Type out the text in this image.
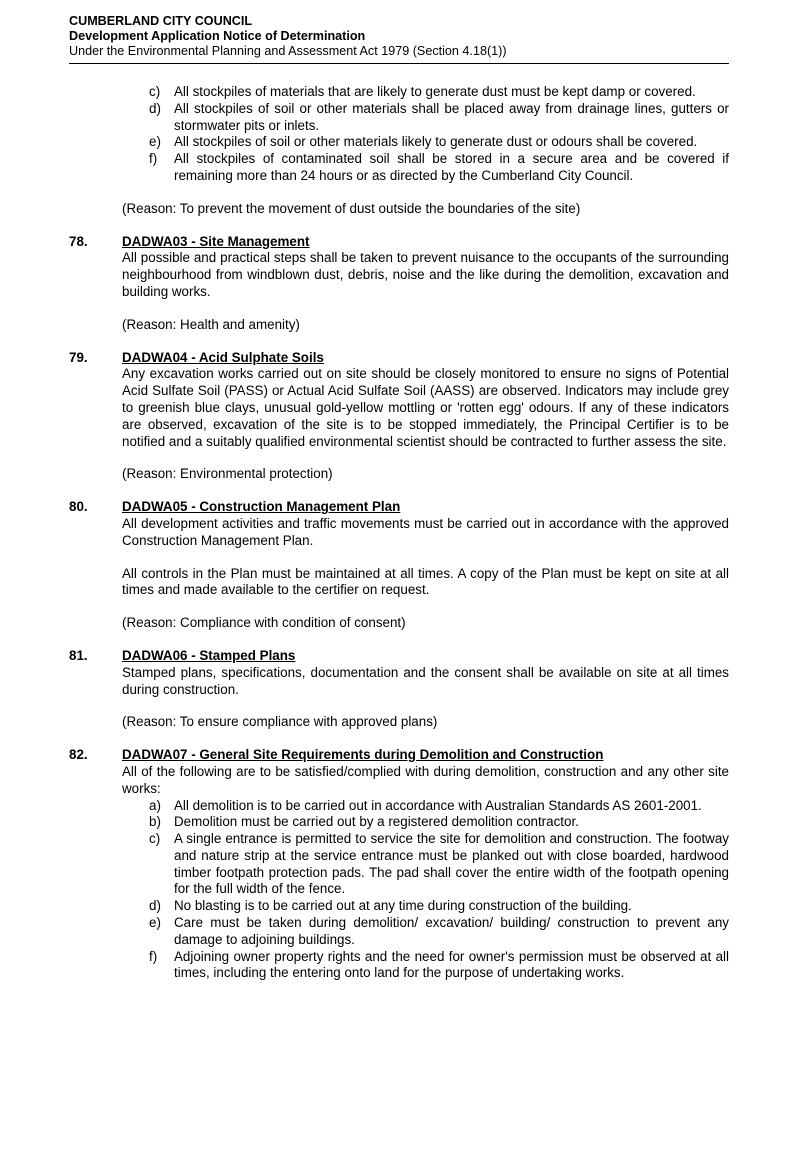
CUMBERLAND CITY COUNCIL
Development Application Notice of Determination
Under the Environmental Planning and Assessment Act 1979 (Section 4.18(1))
c) All stockpiles of materials that are likely to generate dust must be kept damp or covered.
d) All stockpiles of soil or other materials shall be placed away from drainage lines, gutters or stormwater pits or inlets.
e) All stockpiles of soil or other materials likely to generate dust or odours shall be covered.
f) All stockpiles of contaminated soil shall be stored in a secure area and be covered if remaining more than 24 hours or as directed by the Cumberland City Council.
(Reason: To prevent the movement of dust outside the boundaries of the site)
78.	DADWA03 - Site Management
All possible and practical steps shall be taken to prevent nuisance to the occupants of the surrounding neighbourhood from windblown dust, debris, noise and the like during the demolition, excavation and building works.
(Reason: Health and amenity)
79.	DADWA04 - Acid Sulphate Soils
Any excavation works carried out on site should be closely monitored to ensure no signs of Potential Acid Sulfate Soil (PASS) or Actual Acid Sulfate Soil (AASS) are observed. Indicators may include grey to greenish blue clays, unusual gold-yellow mottling or 'rotten egg' odours. If any of these indicators are observed, excavation of the site is to be stopped immediately, the Principal Certifier is to be notified and a suitably qualified environmental scientist should be contracted to further assess the site.
(Reason: Environmental protection)
80.	DADWA05 - Construction Management Plan
All development activities and traffic movements must be carried out in accordance with the approved Construction Management Plan.
All controls in the Plan must be maintained at all times. A copy of the Plan must be kept on site at all times and made available to the certifier on request.
(Reason: Compliance with condition of consent)
81.	DADWA06 - Stamped Plans
Stamped plans, specifications, documentation and the consent shall be available on site at all times during construction.
(Reason: To ensure compliance with approved plans)
82.	DADWA07 - General Site Requirements during Demolition and Construction
All of the following are to be satisfied/complied with during demolition, construction and any other site works:
a) All demolition is to be carried out in accordance with Australian Standards AS 2601-2001.
b) Demolition must be carried out by a registered demolition contractor.
c) A single entrance is permitted to service the site for demolition and construction. The footway and nature strip at the service entrance must be planked out with close boarded, hardwood timber footpath protection pads. The pad shall cover the entire width of the footpath opening for the full width of the fence.
d) No blasting is to be carried out at any time during construction of the building.
e) Care must be taken during demolition/ excavation/ building/ construction to prevent any damage to adjoining buildings.
f) Adjoining owner property rights and the need for owner's permission must be observed at all times, including the entering onto land for the purpose of undertaking works.
